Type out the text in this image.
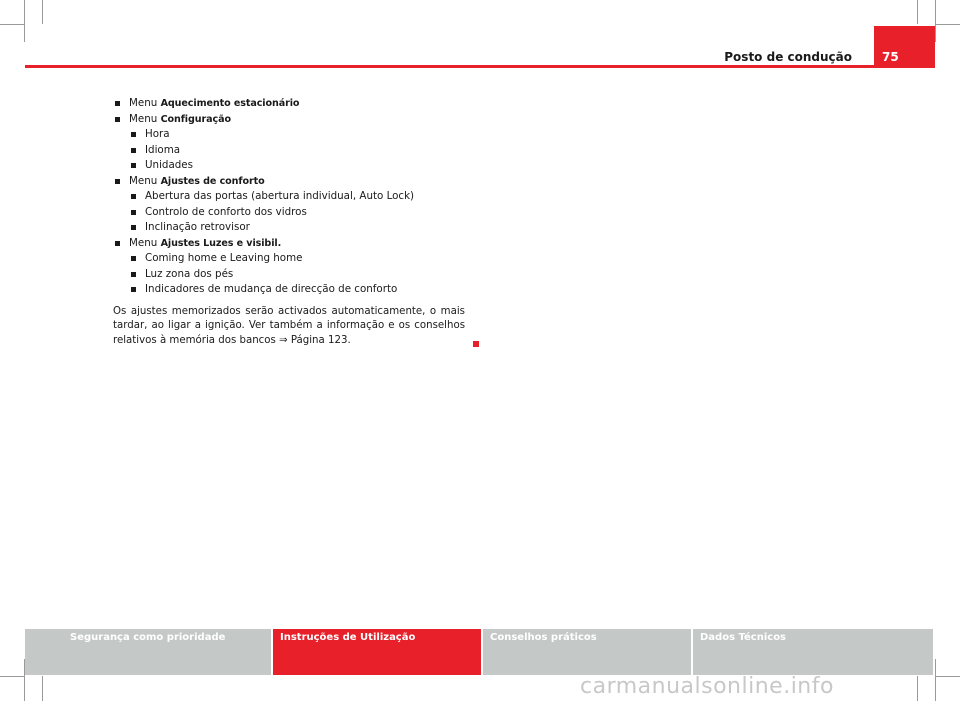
Posto de condução	75
Menu Aquecimento estacionário
Menu Configuração
Hora
Idioma
Unidades
Menu Ajustes de conforto
Abertura das portas (abertura individual, Auto Lock)
Controlo de conforto dos vidros
Inclinação retrovisor
Menu Ajustes Luzes e visibil.
Coming home e Leaving home
Luz zona dos pés
Indicadores de mudança de direcção de conforto

Os ajustes memorizados serão activados automaticamente, o mais tardar, ao ligar a ignição. Ver também a informação e os conselhos relativos à memória dos bancos ⇒ Página 123.

Segurança como prioridade	Instruções de Utilização	Conselhos práticos	Dados Técnicos
carmanualsonline.info
